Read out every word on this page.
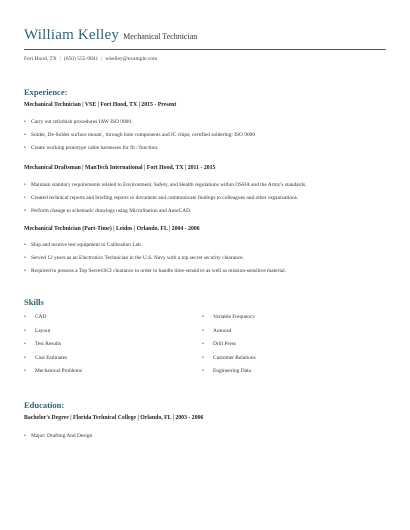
William Kelley Mechanical Technician
Fort Hood, TX | (650) 555-9841 | wkelley@example.com
Experience:
Mechanical Technician | VSE | Fort Hood, TX | 2015 - Present
• Carry out refurbish procedures IAW ISO 9000.
• Solder, De-Solder surface mount , through hole components and IC chips; certified soldering: ISO 9000
• Create working prototype cable harnesses for fit / function.
Mechanical Draftsman | ManTech International | Fort Hood, TX | 2011 - 2015
• Maintain statutory requirements related to Environment, Safety, and Health regulations within OSHA and the Army's standards.
• Created technical reports and briefing reports to document and communicate findings to colleagues and other organizations.
• Perform change to schematic drawings using MicroStation and AutoCAD.
Mechanical Technician (Part-Time) | Leidos | Orlando, FL | 2004 - 2006
• Ship and receive test equipment to Calibration Lab.
• Served 12 years as an Electronics Technician in the U.S. Navy with a top secret security clearance.
• Required to possess a Top Secret/SCI clearance in order to handle time-sensitive as well as mission-sensitive material.
Skills
• CAD
• Layout
• Test Results
• Cost Estimates
• Mechanical Problems
• Variable Frequency
• Autocad
• Drill Press
• Customer Relations
• Engineering Data
Education:
Bachelor's Degree | Florida Technical College | Orlando, FL | 2003 - 2006
• Major: Drafting And Design
